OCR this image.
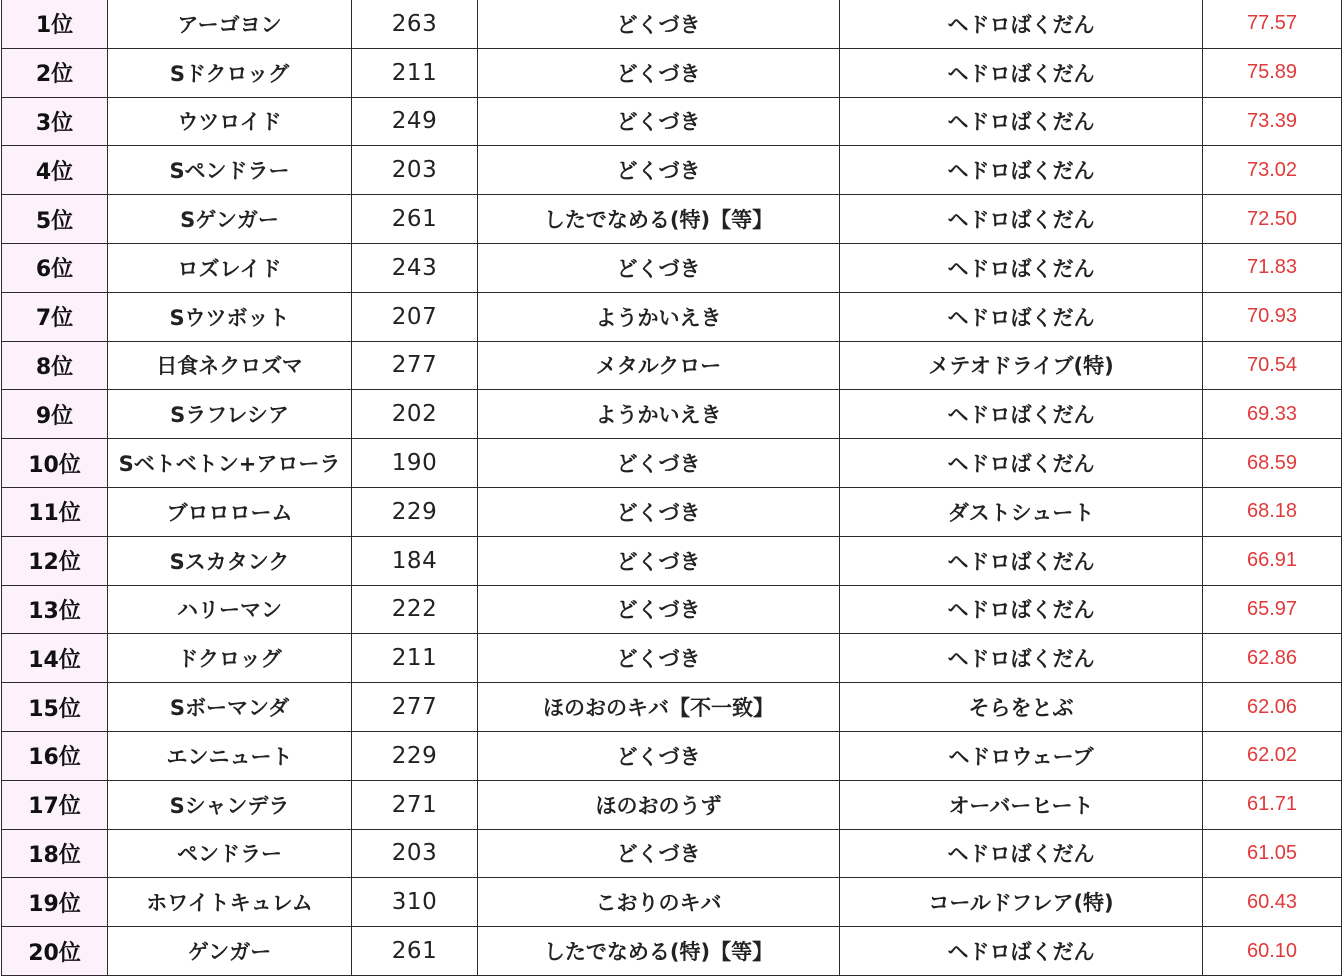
1位	アーゴヨン	263	どくづき	ヘドロばくだん	77.57
2位	Sドクロッグ	211	どくづき	ヘドロばくだん	75.89
3位	ウツロイド	249	どくづき	ヘドロばくだん	73.39
4位	Sペンドラー	203	どくづき	ヘドロばくだん	73.02
5位	Sゲンガー	261	したでなめる(特)【等】	ヘドロばくだん	72.50
6位	ロズレイド	243	どくづき	ヘドロばくだん	71.83
7位	Sウツボット	207	ようかいえき	ヘドロばくだん	70.93
8位	日食ネクロズマ	277	メタルクロー	メテオドライブ(特)	70.54
9位	Sラフレシア	202	ようかいえき	ヘドロばくだん	69.33
10位	Sベトベトン+アローラ	190	どくづき	ヘドロばくだん	68.59
11位	ブロロローム	229	どくづき	ダストシュート	68.18
12位	Sスカタンク	184	どくづき	ヘドロばくだん	66.91
13位	ハリーマン	222	どくづき	ヘドロばくだん	65.97
14位	ドクロッグ	211	どくづき	ヘドロばくだん	62.86
15位	Sボーマンダ	277	ほのおのキバ【不一致】	そらをとぶ	62.06
16位	エンニュート	229	どくづき	ヘドロウェーブ	62.02
17位	Sシャンデラ	271	ほのおのうず	オーバーヒート	61.71
18位	ペンドラー	203	どくづき	ヘドロばくだん	61.05
19位	ホワイトキュレム	310	こおりのキバ	コールドフレア(特)	60.43
20位	ゲンガー	261	したでなめる(特)【等】	ヘドロばくだん	60.10
